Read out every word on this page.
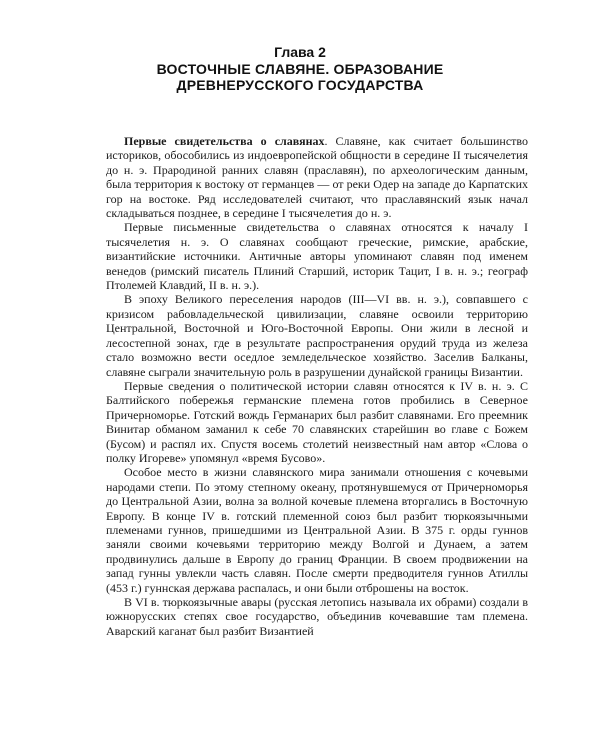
Глава 2
ВОСТОЧНЫЕ СЛАВЯНЕ. ОБРАЗОВАНИЕ
ДРЕВНЕРУССКОГО ГОСУДАРСТВА

Первые свидетельства о славянах. Славяне, как считает большинство историков, обособились из индоевропейской общности в середине II тысячелетия до н. э. Прародиной ранних славян (праславян), по археологическим данным, была территория к востоку от германцев — от реки Одер на западе до Карпатских гор на востоке. Ряд исследователей считают, что праславянский язык начал складываться позднее, в середине I тысячелетия до н. э.

Первые письменные свидетельства о славянах относятся к началу I тысячелетия н. э. О славянах сообщают греческие, римские, арабские, византийские источники. Античные авторы упоминают славян под именем венедов (римский писатель Плиний Старший, историк Тацит, I в. н. э.; географ Птолемей Клавдий, II в. н. э.).

В эпоху Великого переселения народов (III—VI вв. н. э.), совпавшего с кризисом рабовладельческой цивилизации, славяне освоили территорию Центральной, Восточной и Юго-Восточной Европы. Они жили в лесной и лесостепной зонах, где в результате распространения орудий труда из железа стало возможно вести оседлое земледельческое хозяйство. Заселив Балканы, славяне сыграли значительную роль в разрушении дунайской границы Византии.

Первые сведения о политической истории славян относятся к IV в. н. э. С Балтийского побережья германские племена готов пробились в Северное Причерноморье. Готский вождь Германарих был разбит славянами. Его преемник Винитар обманом заманил к себе 70 славянских старейшин во главе с Божем (Бусом) и распял их. Спустя восемь столетий неизвестный нам автор «Слова о полку Игореве» упомянул «время Бусово».

Особое место в жизни славянского мира занимали отношения с кочевыми народами степи. По этому степному океану, протянувшемуся от Причерноморья до Центральной Азии, волна за волной кочевые племена вторгались в Восточную Европу. В конце IV в. готский племенной союз был разбит тюркоязычными племенами гуннов, пришедшими из Центральной Азии. В 375 г. орды гуннов заняли своими кочевьями территорию между Волгой и Дунаем, а затем продвинулись дальше в Европу до границ Франции. В своем продвижении на запад гунны увлекли часть славян. После смерти предводителя гуннов Атиллы (453 г.) гуннская держава распалась, и они были отброшены на восток.

В VI в. тюркоязычные авары (русская летопись называла их обрами) создали в южнорусских степях свое государство, объединив кочевавшие там племена. Аварский каганат был разбит Византией
